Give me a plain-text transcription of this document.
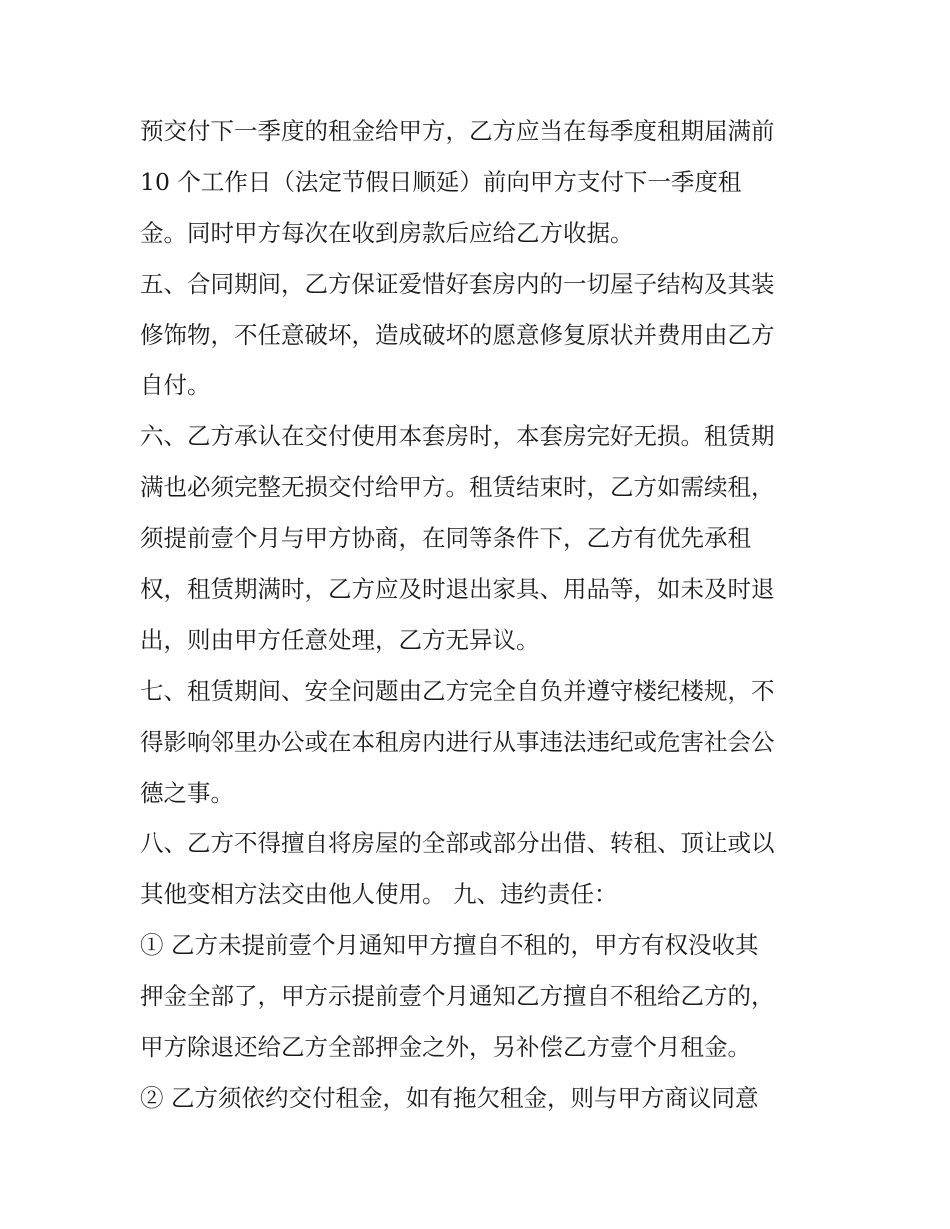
预交付下一季度的租金给甲方，乙方应当在每季度租期届满前
10 个工作日（法定节假日顺延）前向甲方支付下一季度租
金。同时甲方每次在收到房款后应给乙方收据。
五、合同期间，乙方保证爱惜好套房内的一切屋子结构及其装
修饰物，不任意破坏，造成破坏的愿意修复原状并费用由乙方
自付。
六、乙方承认在交付使用本套房时，本套房完好无损。租赁期
满也必须完整无损交付给甲方。租赁结束时，乙方如需续租，
须提前壹个月与甲方协商，在同等条件下，乙方有优先承租
权，租赁期满时，乙方应及时退出家具、用品等，如未及时退
出，则由甲方任意处理，乙方无异议。
七、租赁期间、安全问题由乙方完全自负并遵守楼纪楼规，不
得影响邻里办公或在本租房内进行从事违法违纪或危害社会公
德之事。
八、乙方不得擅自将房屋的全部或部分出借、转租、顶让或以
其他变相方法交由他人使用。 九、违约责任：
① 乙方未提前壹个月通知甲方擅自不租的，甲方有权没收其
押金全部了，甲方示提前壹个月通知乙方擅自不租给乙方的，
甲方除退还给乙方全部押金之外，另补偿乙方壹个月租金。
② 乙方须依约交付租金，如有拖欠租金，则与甲方商议同意
